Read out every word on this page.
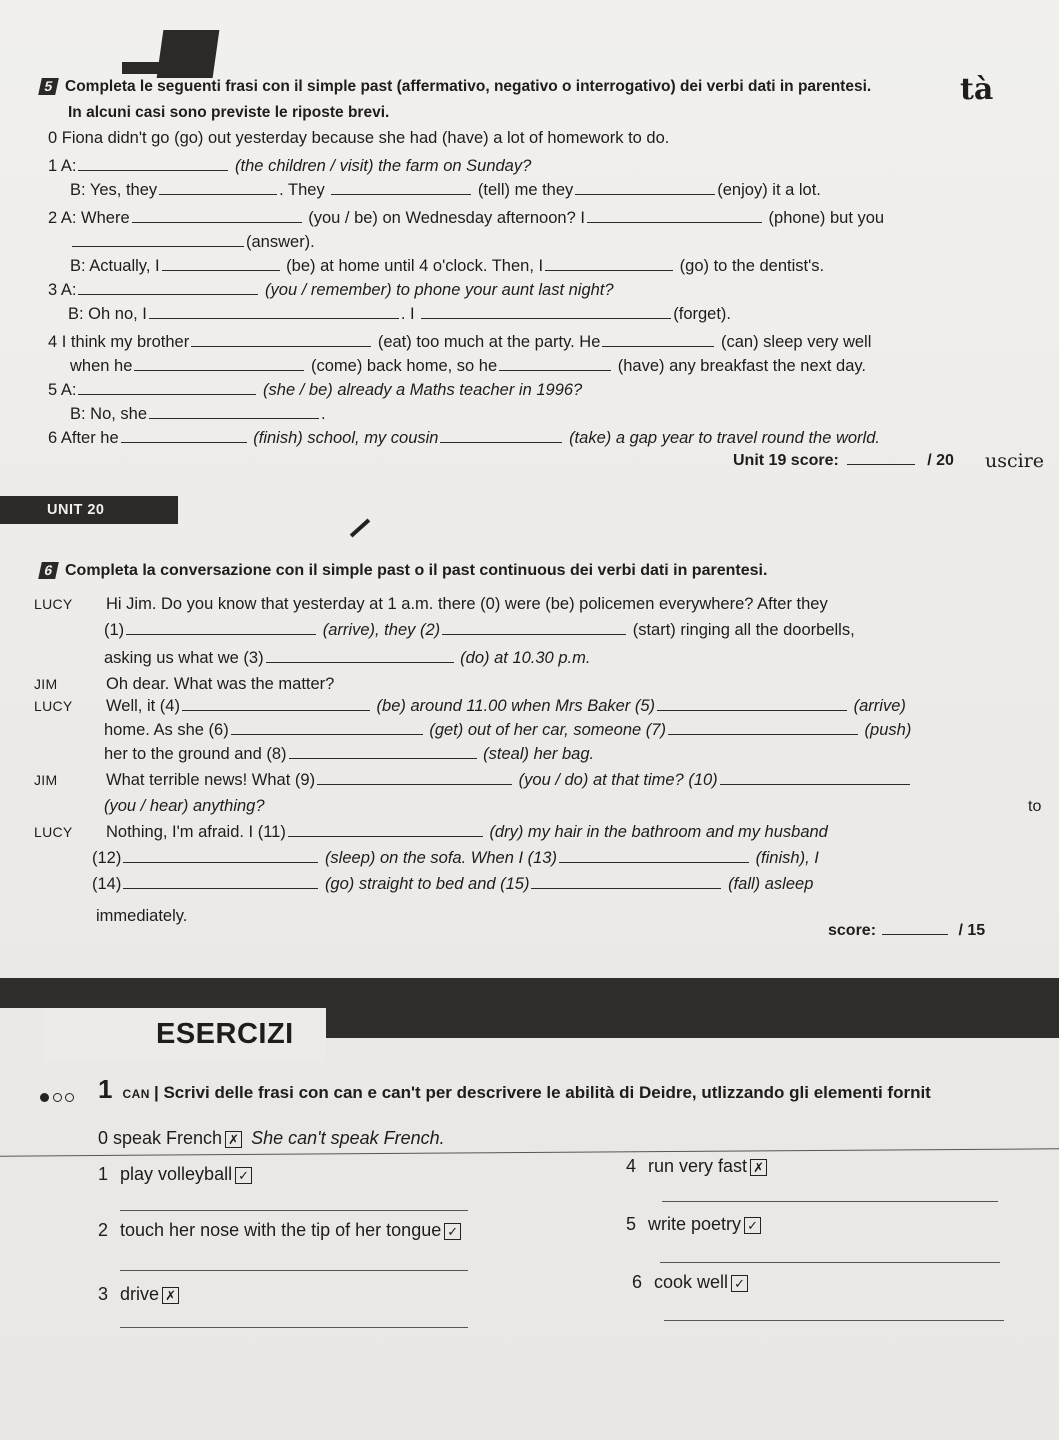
5 Completa le seguenti frasi con il simple past (affermativo, negativo o interrogativo) dei verbi dati in parentesi.
In alcuni casi sono previste le riposte brevi.
tà
0 Fiona didn't go (go) out yesterday because she had (have) a lot of homework to do.
1 A:	(the children / visit) the farm on Sunday?
B: Yes, they	. They	(tell) me they	(enjoy) it a lot.
2 A: Where	(you / be) on Wednesday afternoon? I	(phone) but you
(answer).
B: Actually, I	(be) at home until 4 o'clock. Then, I	(go) to the dentist's.
3 A:	(you / remember) to phone your aunt last night?
B: Oh no, I	. I	(forget).
4 I think my brother	(eat) too much at the party. He	(can) sleep very well
when he	(come) back home, so he	(have) any breakfast the next day.
5 A:	(she / be) already a Maths teacher in 1996?
B: No, she	.
6 After he	(finish) school, my cousin	(take) a gap year to travel round the world.
Unit 19 score:	/ 20 uscire
UNIT 20
6 Completa la conversazione con il simple past o il past continuous dei verbi dati in parentesi.
LUCY Hi Jim. Do you know that yesterday at 1 a.m. there (0) were (be) policemen everywhere? After they
(1)	(arrive), they (2)	(start) ringing all the doorbells,
asking us what we (3)	(do) at 10.30 p.m.
JIM	Oh dear. What was the matter?
LUCY Well, it (4)	(be) around 11.00 when Mrs Baker (5)	(arrive)
home. As she (6)	(get) out of her car, someone (7)	(push)
her to the ground and (8)	(steal) her bag.
JIM	What terrible news! What (9)	(you / do) at that time? (10)
(you / hear) anything?	to
LUCY Nothing, I'm afraid. I (11)	(dry) my hair in the bathroom and my husband
(12)	(sleep) on the sofa. When I (13)	(finish), I
(14)	(go) straight to bed and (15)	(fall) asleep
immediately.
score:	/ 15
ESERCIZI

1 CAN | Scrivi delle frasi con can e can't per descrivere le abilità di Deidre, utlizzando gli elementi fornit
0 speak French ✗ She can't speak French.
1 play volleyball ✓	4 run very fast ✗
2 touch her nose with the tip of her tongue ✓	5 write poetry ✓
3 drive ✗
6 cook well ✓
